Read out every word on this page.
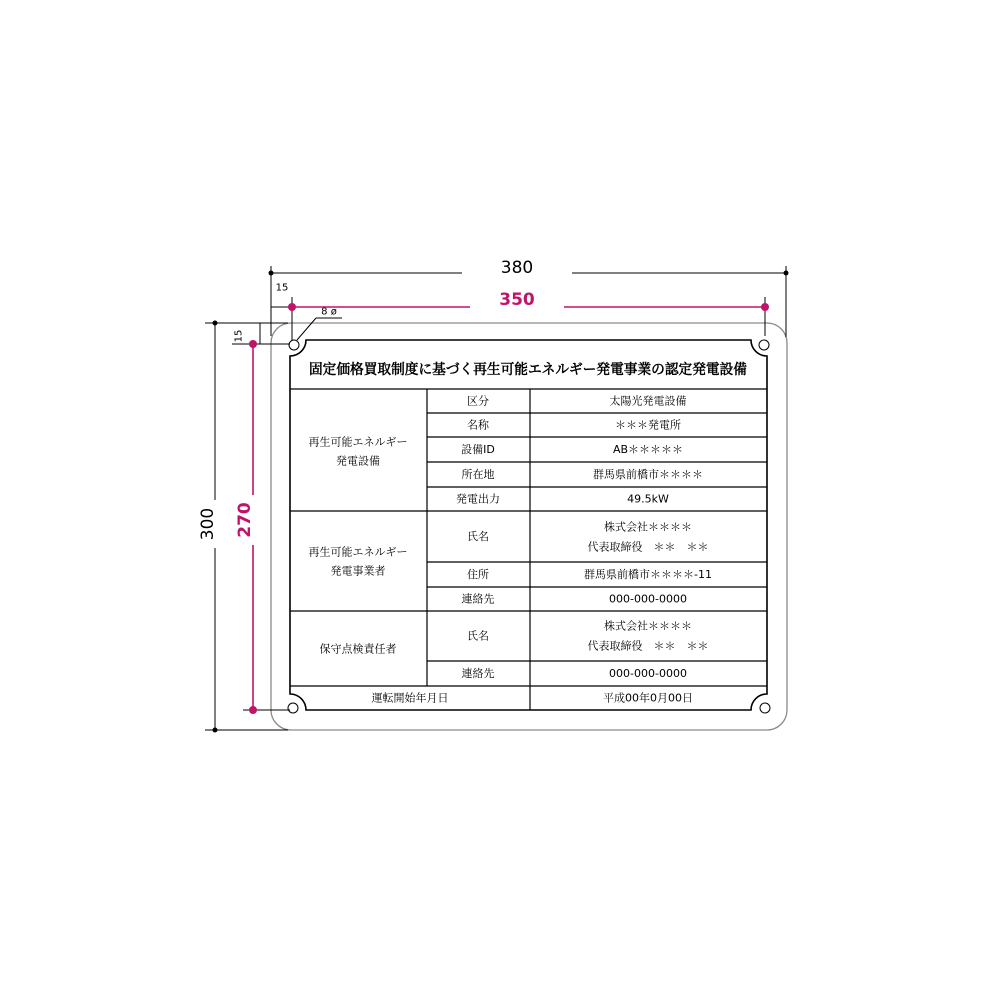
固定価格買取制度に基づく再生可能エネルギー発電事業の認定発電設備
再生可能エネルギー
発電設備
再生可能エネルギー
発電事業者
保守点検責任者
区分
名称
設備ID
所在地
発電出力
氏名
住所
連絡先
氏名
連絡先
太陽光発電設備
＊＊＊発電所
AB＊＊＊＊＊
群馬県前橋市＊＊＊＊
49.5kW
株式会社＊＊＊＊
代表取締役　＊＊　＊＊
群馬県前橋市＊＊＊＊-11
000-000-0000
株式会社＊＊＊＊
代表取締役　＊＊　＊＊
000-000-0000
運転開始年月日	平成00年0月00日
380
350
15
8 ø
15
300 270
